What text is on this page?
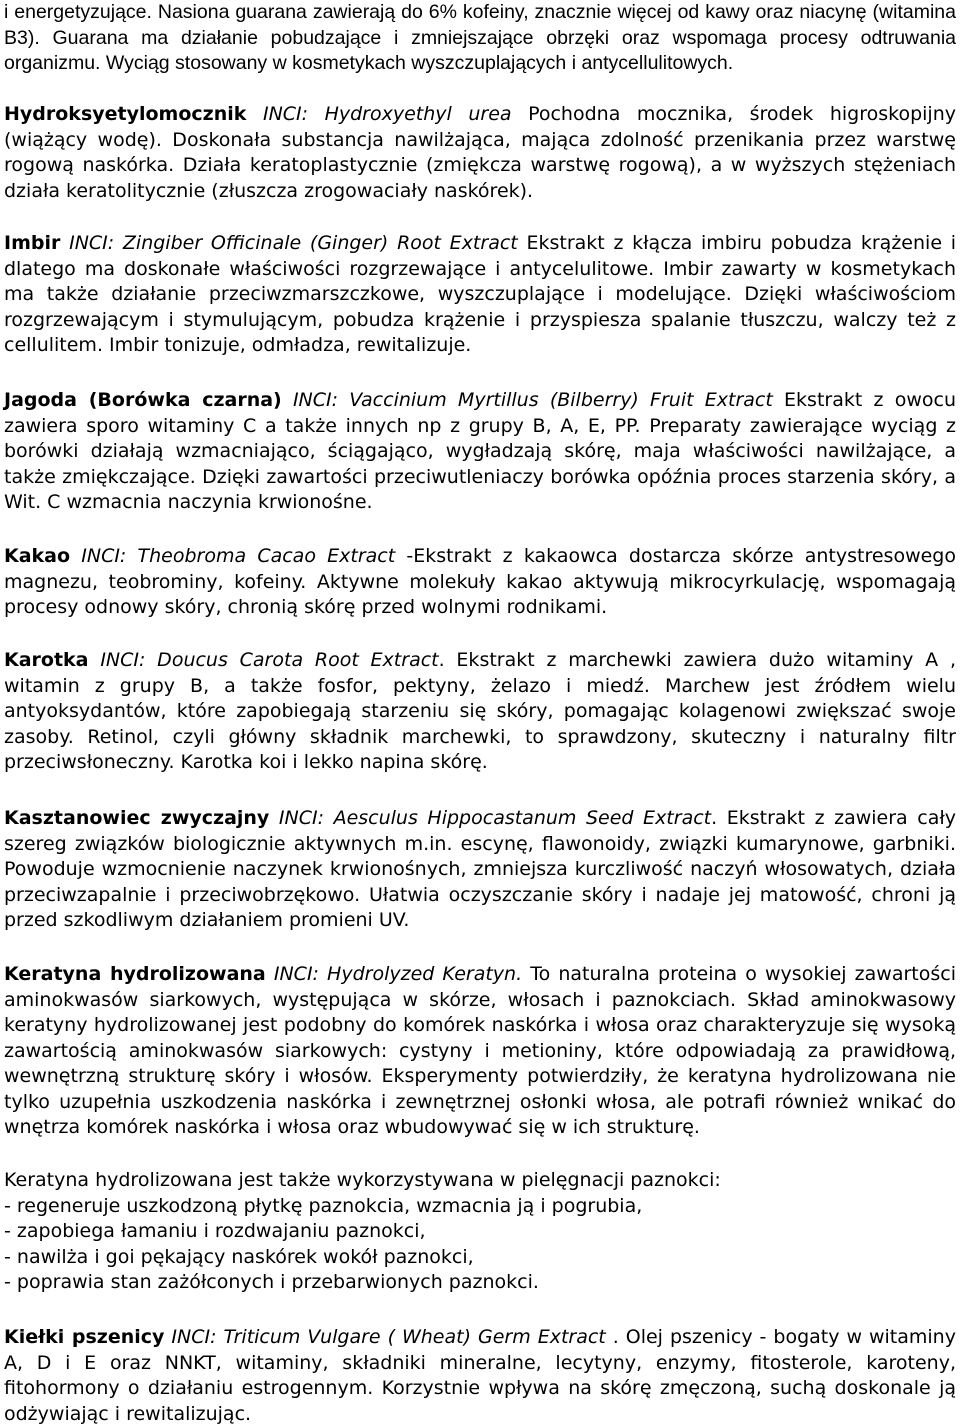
i energetyzujące. Nasiona guarana zawierają do 6% kofeiny, znacznie więcej od kawy oraz niacynę (witamina B3). Guarana ma działanie pobudzające i zmniejszające obrzęki oraz wspomaga procesy odtruwania organizmu. Wyciąg stosowany w kosmetykach wyszczuplających i antycellulitowych.

Hydroksyetylomocznik INCI: Hydroxyethyl urea Pochodna mocznika, środek higroskopijny (wiążący wodę). Doskonała substancja nawilżająca, mająca zdolność przenikania przez warstwę rogową naskórka. Działa keratoplastycznie (zmiękcza warstwę rogową), a w wyższych stężeniach działa keratolitycznie (złuszcza zrogowaciały naskórek).

Imbir INCI: Zingiber Officinale (Ginger) Root Extract Ekstrakt z kłącza imbiru pobudza krążenie i dlatego ma doskonałe właściwości rozgrzewające i antycelulitowe. Imbir zawarty w kosmetykach ma także działanie przeciwzmarszczkowe, wyszczuplające i modelujące. Dzięki właściwościom rozgrzewającym i stymulującym, pobudza krążenie i przyspiesza spalanie tłuszczu, walczy też z cellulitem. Imbir tonizuje, odmładza, rewitalizuje.

Jagoda (Borówka czarna) INCI: Vaccinium Myrtillus (Bilberry) Fruit Extract Ekstrakt z owocu zawiera sporo witaminy C a także innych np z grupy B, A, E, PP. Preparaty zawierające wyciąg z borówki działają wzmacniająco, ściągająco, wygładzają skórę, maja właściwości nawilżające, a także zmiękczające. Dzięki zawartości przeciwutleniaczy borówka opóźnia proces starzenia skóry, a Wit. C wzmacnia naczynia krwionośne.

Kakao INCI: Theobroma Cacao Extract -Ekstrakt z kakaowca dostarcza skórze antystresowego magnezu, teobrominy, kofeiny. Aktywne molekuły kakao aktywują mikrocyrkulację, wspomagają procesy odnowy skóry, chronią skórę przed wolnymi rodnikami.

Karotka INCI: Doucus Carota Root Extract. Ekstrakt z marchewki zawiera dużo witaminy A , witamin z grupy B, a także fosfor, pektyny, żelazo i miedź. Marchew jest źródłem wielu antyoksydantów, które zapobiegają starzeniu się skóry, pomagając kolagenowi zwiększać swoje zasoby. Retinol, czyli główny składnik marchewki, to sprawdzony, skuteczny i naturalny filtr przeciwsłoneczny. Karotka koi i lekko napina skórę.

Kasztanowiec zwyczajny INCI: Aesculus Hippocastanum Seed Extract. Ekstrakt z zawiera cały szereg związków biologicznie aktywnych m.in. escynę, flawonoidy, związki kumarynowe, garbniki. Powoduje wzmocnienie naczynek krwionośnych, zmniejsza kurczliwość naczyń włosowatych, działa przeciwzapalnie i przeciwobrzękowo. Ułatwia oczyszczanie skóry i nadaje jej matowość, chroni ją przed szkodliwym działaniem promieni UV.

Keratyna hydrolizowana INCI: Hydrolyzed Keratyn. To naturalna proteina o wysokiej zawartości aminokwasów siarkowych, występująca w skórze, włosach i paznokciach. Skład aminokwasowy keratyny hydrolizowanej jest podobny do komórek naskórka i włosa oraz charakteryzuje się wysoką zawartością aminokwasów siarkowych: cystyny i metioniny, które odpowiadają za prawidłową, wewnętrzną strukturę skóry i włosów. Eksperymenty potwierdziły, że keratyna hydrolizowana nie tylko uzupełnia uszkodzenia naskórka i zewnętrznej osłonki włosa, ale potrafi również wnikać do wnętrza komórek naskórka i włosa oraz wbudowywać się w ich strukturę.

Keratyna hydrolizowana jest także wykorzystywana w pielęgnacji paznokci:
- regeneruje uszkodzoną płytkę paznokcia, wzmacnia ją i pogrubia,
- zapobiega łamaniu i rozdwajaniu paznokci,
- nawilża i goi pękający naskórek wokół paznokci,
- poprawia stan zażółconych i przebarwionych paznokci.

Kiełki pszenicy INCI: Triticum Vulgare ( Wheat) Germ Extract . Olej pszenicy - bogaty w witaminy A, D i E oraz NNKT, witaminy, składniki mineralne, lecytyny, enzymy, fitosterole, karoteny, fitohormony o działaniu estrogennym. Korzystnie wpływa na skórę zmęczoną, suchą doskonale ją odżywiając i rewitalizując.
